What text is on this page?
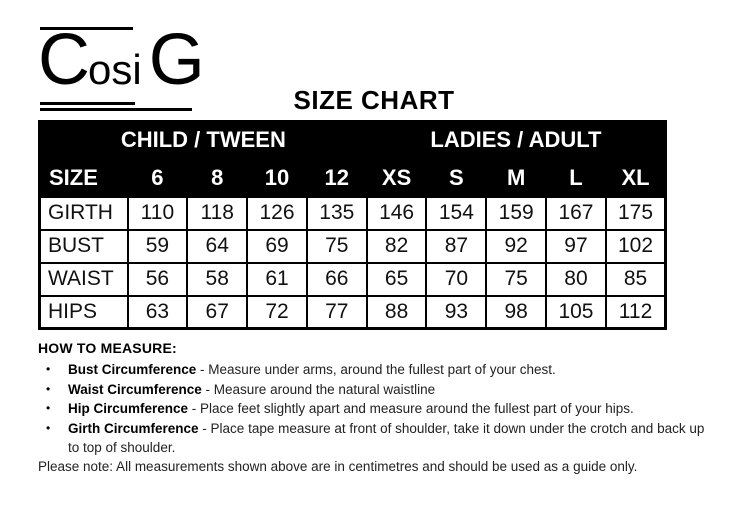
C osi G	SIZE CHART
CHILD / TWEEN					LADIES / ADULT				
SIZE	6	8	10	12	XS	S	M	L	XL
GIRTH	110	118	126	135	146	154	159	167	175
BUST	59	64	69	75	82	87	92	97	102
WAIST	56	58	61	66	65	70	75	80	85
HIPS	63	67	72	77	88	93	98	105	112
HOW TO MEASURE:
• Bust Circumference - Measure under arms, around the fullest part of your chest.
• Waist Circumference - Measure around the natural waistline
• Hip Circumference - Place feet slightly apart and measure around the fullest part of your hips.
• Girth Circumference - Place tape measure at front of shoulder, take it down under the crotch and back up to top of shoulder.
Please note: All measurements shown above are in centimetres and should be used as a guide only.
